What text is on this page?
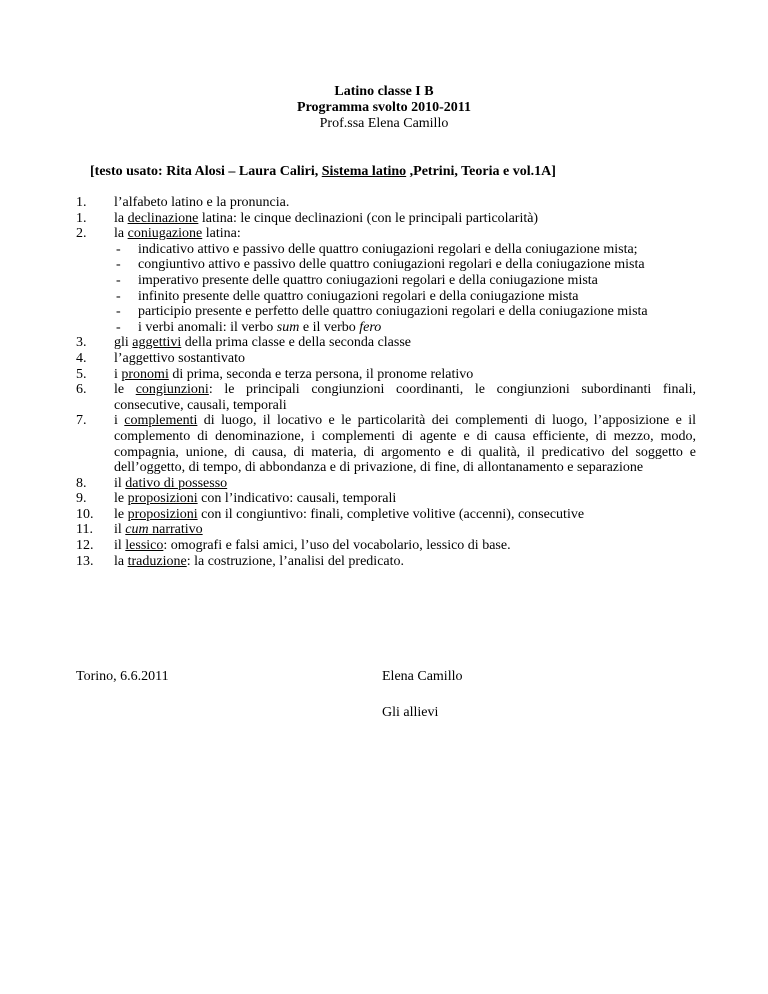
Latino classe I B
Programma svolto 2010-2011
Prof.ssa Elena Camillo
[testo usato: Rita Alosi – Laura Caliri, Sistema latino ,Petrini, Teoria e vol.1A]
1.	l’alfabeto latino e la pronuncia.
1.	la declinazione latina: le cinque declinazioni (con le principali particolarità)
2.	la coniugazione latina:
- indicativo attivo e passivo delle quattro coniugazioni regolari e della coniugazione mista;
- congiuntivo attivo e passivo delle quattro coniugazioni regolari e della coniugazione mista
- imperativo presente delle quattro coniugazioni regolari e della coniugazione mista
- infinito presente delle quattro coniugazioni regolari e della coniugazione mista
- participio presente e perfetto delle quattro coniugazioni regolari e della coniugazione mista
- i verbi anomali: il verbo sum e il verbo fero
3.	gli aggettivi della prima classe e della seconda classe
4.	l’aggettivo sostantivato
5.	i pronomi di prima, seconda e terza persona, il pronome relativo
6.	le congiunzioni: le principali congiunzioni coordinanti, le congiunzioni subordinanti finali, consecutive, causali, temporali
7.	i complementi di luogo, il locativo e le particolarità dei complementi di luogo, l’apposizione e il complemento di denominazione, i complementi di agente e di causa efficiente, di mezzo, modo, compagnia, unione, di causa, di materia, di argomento e di qualità, il predicativo del soggetto e dell’oggetto, di tempo, di abbondanza e di privazione, di fine, di allontanamento e separazione
8.	il dativo di possesso
9.	le proposizioni con l’indicativo: causali, temporali
10.	le proposizioni con il congiuntivo: finali, completive volitive (accenni), consecutive
11.	il cum narrativo
12.	il lessico: omografi e falsi amici, l’uso del vocabolario, lessico di base.
13.	la traduzione: la costruzione, l’analisi del predicato.
Torino, 6.6.2011	Elena Camillo
Gli allievi
